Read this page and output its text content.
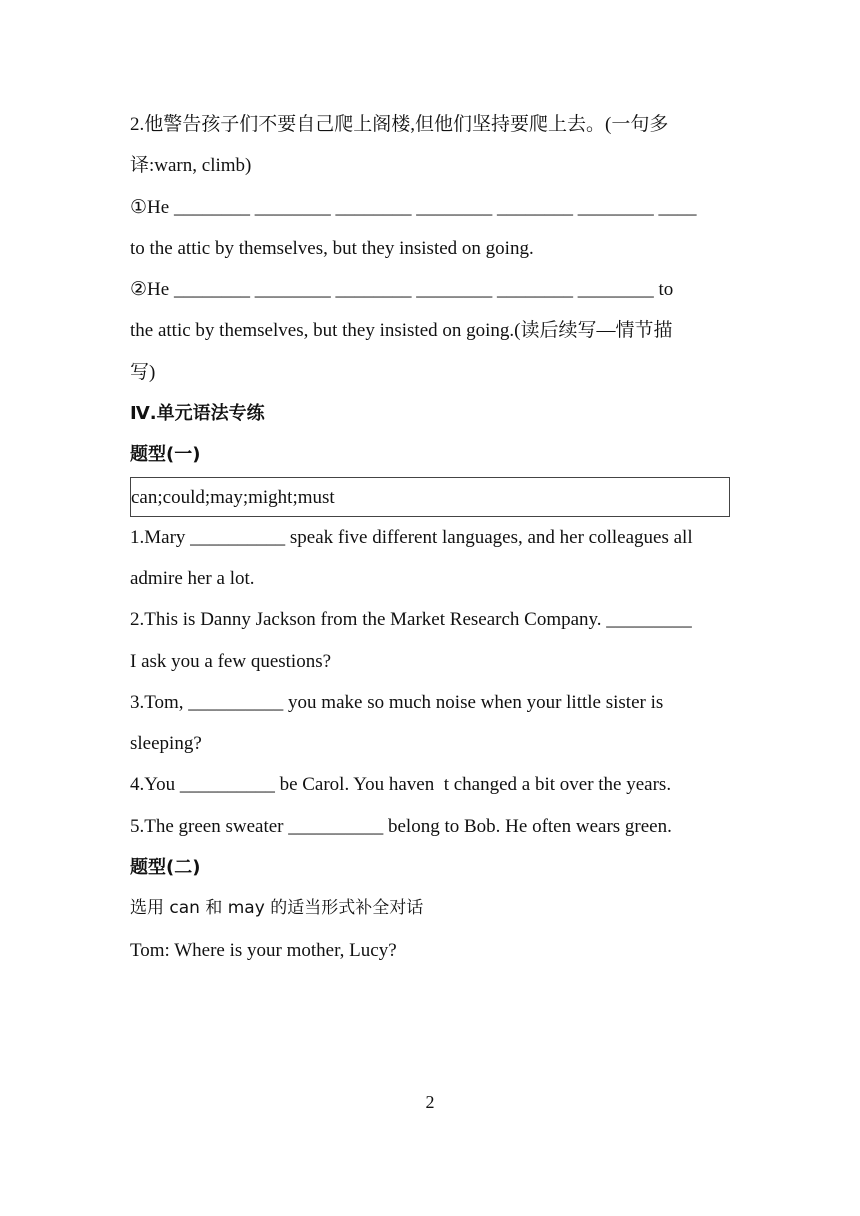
2.他警告孩子们不要自己爬上阁楼,但他们坚持要爬上去。(一句多
译:warn, climb)
①He ________ ________ ________ ________ ________ ________ ____
to the attic by themselves, but they insisted on going.
②He ________ ________ ________ ________ ________ ________ to
the attic by themselves, but they insisted on going.(读后续写—情节描
写)
Ⅳ.单元语法专练
题型(一)
can;could;may;might;must
1.Mary __________ speak five different languages, and her colleagues all
admire her a lot.
2.This is Danny Jackson from the Market Research Company. _________
I ask you a few questions?
3.Tom, __________ you make so much noise when your little sister is
sleeping?
4.You __________ be Carol. You haven  t changed a bit over the years.
5.The green sweater __________ belong to Bob. He often wears green.
题型(二)
选用 can 和 may 的适当形式补全对话
Tom: Where is your mother, Lucy?
2
